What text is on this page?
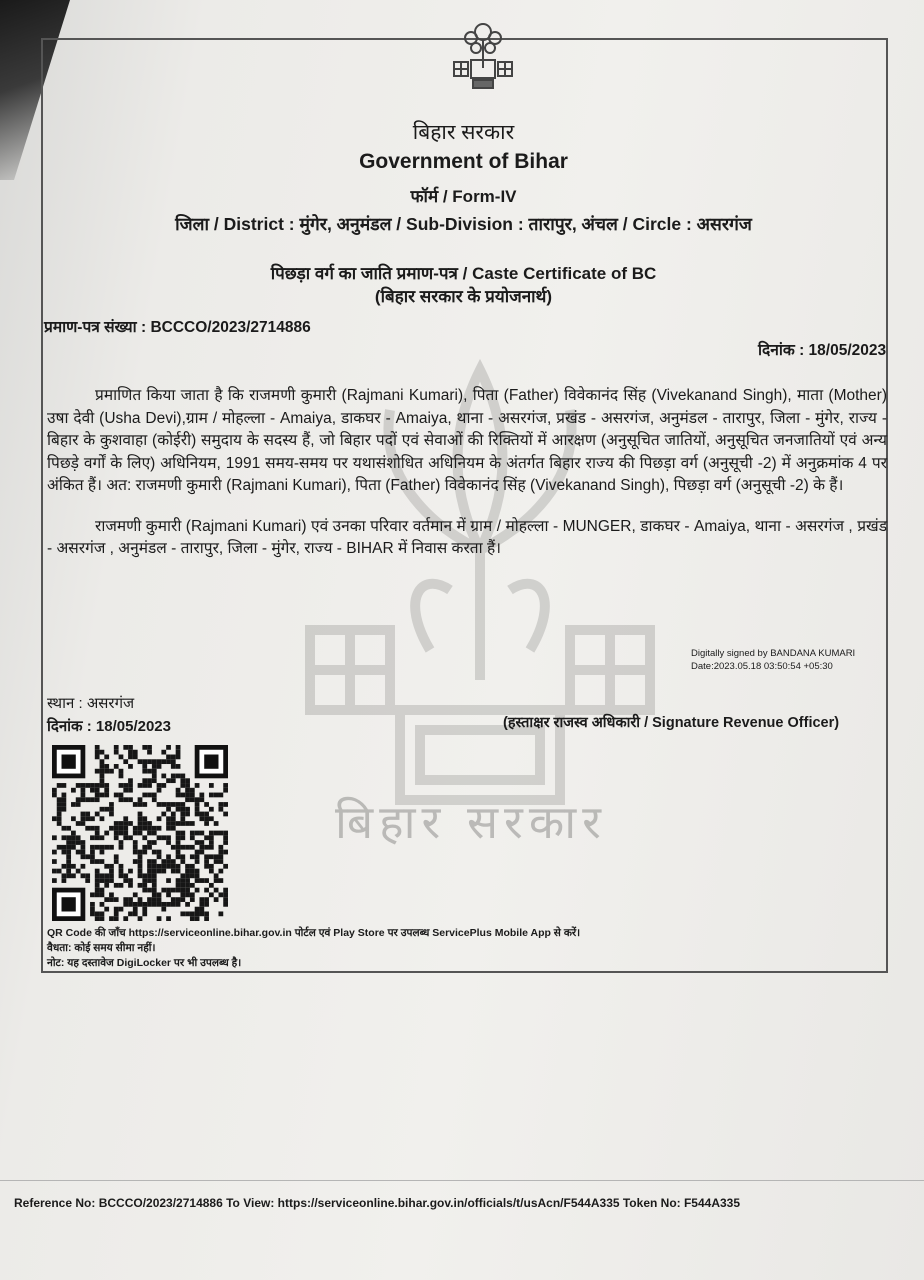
बिहार सरकार
बिहार सरकार
Government of Bihar
फॉर्म / Form-IV
जिला / District : मुंगेर, अनुमंडल / Sub-Division : तारापुर, अंचल / Circle : असरगंज
पिछड़ा वर्ग का जाति प्रमाण-पत्र / Caste Certificate of BC
(बिहार सरकार के प्रयोजनार्थ)
प्रमाण-पत्र संख्या : BCCCO/2023/2714886
दिनांक : 18/05/2023

प्रमाणित किया जाता है कि राजमणी कुमारी (Rajmani Kumari), पिता (Father) विवेकानंद सिंह (Vivekanand Singh), माता (Mother) उषा देवी (Usha Devi),ग्राम / मोहल्ला - Amaiya, डाकघर - Amaiya, थाना - असरगंज, प्रखंड - असरगंज, अनुमंडल - तारापुर, जिला - मुंगेर, राज्य - बिहार के कुशवाहा (कोईरी) समुदाय के सदस्य हैं, जो बिहार पदों एवं सेवाओं की रिक्तियों में आरक्षण (अनुसूचित जातियों, अनुसूचित जनजातियों एवं अन्य पिछड़े वर्गों के लिए) अधिनियम, 1991 समय-समय पर यथासंशोधित अधिनियम के अंतर्गत बिहार राज्य की पिछड़ा वर्ग (अनुसूची -2) में अनुक्रमांक 4 पर अंकित हैं। अत: राजमणी कुमारी (Rajmani Kumari), पिता (Father) विवेकानंद सिंह (Vivekanand Singh), पिछड़ा वर्ग (अनुसूची -2) के हैं।

राजमणी कुमारी (Rajmani Kumari) एवं उनका परिवार वर्तमान में ग्राम / मोहल्ला - MUNGER, डाकघर - Amaiya, थाना - असरगंज , प्रखंड - असरगंज , अनुमंडल - तारापुर, जिला - मुंगेर, राज्य - BIHAR में निवास करता हैं।

Digitally signed by BANDANA KUMARI
Date:2023.05.18 03:50:54 +05:30
स्थान : असरगंज
दिनांक : 18/05/2023	(हस्ताक्षर राजस्व अधिकारी / Signature Revenue Officer)
QR Code की जाँच https://serviceonline.bihar.gov.in पोर्टल एवं Play Store पर उपलब्ध ServicePlus Mobile App से करें।
वैधता: कोई समय सीमा नहीं।
नोट: यह दस्तावेज DigiLocker पर भी उपलब्ध है।
Reference No: BCCCO/2023/2714886 To View: https://serviceonline.bihar.gov.in/officials/t/usAcn/F544A335 Token No: F544A335
